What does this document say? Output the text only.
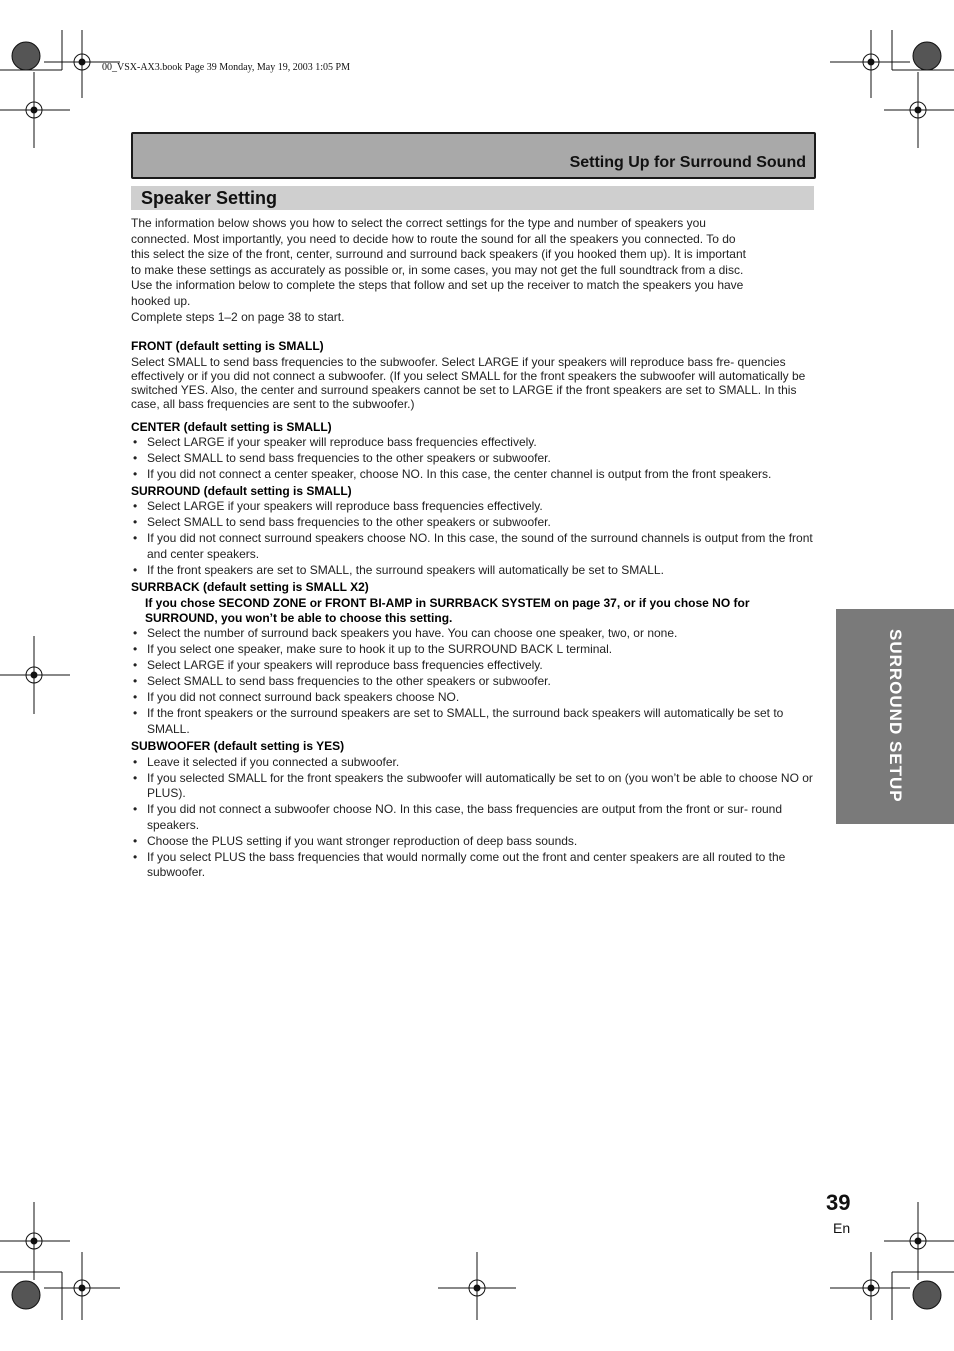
00_VSX-AX3.book Page 39 Monday, May 19, 2003 1:05 PM
Setting Up for Surround Sound
Speaker Setting

The information below shows you how to select the correct settings for the type and number of speakers you

connected. Most importantly, you need to decide how to route the sound for all the speakers you connected. To do

this select the size of the front, center, surround and surround back speakers (if you hooked them up). It is important

to make these settings as accurately as possible or, in some cases, you may not get the full soundtrack from a disc.

Use the information below to complete the steps that follow and set up the receiver to match the speakers you have

hooked up.

Complete steps 1–2 on page 38 to start.

FRONT (default setting is SMALL)

Select SMALL to send bass frequencies to the subwoofer. Select LARGE if your speakers will reproduce bass fre- quencies effectively or if you did not connect a subwoofer. (If you select SMALL for the front speakers the subwoofer will automatically be switched YES. Also, the center and surround speakers cannot be set to LARGE if the front speakers are set to SMALL. In this case, all bass frequencies are sent to the subwoofer.)

CENTER (default setting is SMALL)

• Select LARGE if your speaker will reproduce bass frequencies effectively.
• Select SMALL to send bass frequencies to the other speakers or subwoofer.
• If you did not connect a center speaker, choose NO. In this case, the center channel is output from the front speakers.

SURROUND (default setting is SMALL)

• Select LARGE if your speakers will reproduce bass frequencies effectively.
• Select SMALL to send bass frequencies to the other speakers or subwoofer.
• If you did not connect surround speakers choose NO. In this case, the sound of the surround channels is output from the front and center speakers.
• If the front speakers are set to SMALL, the surround speakers will automatically be set to SMALL.

SURRBACK (default setting is SMALL X2)

If you chose SECOND ZONE or FRONT BI-AMP in SURRBACK SYSTEM on page 37, or if you chose NO for SURROUND, you won’t be able to choose this setting.

• Select the number of surround back speakers you have. You can choose one speaker, two, or none.
• If you select one speaker, make sure to hook it up to the SURROUND BACK L terminal.
• Select LARGE if your speakers will reproduce bass frequencies effectively.
• Select SMALL to send bass frequencies to the other speakers or subwoofer.
• If you did not connect surround back speakers choose NO.
• If the front speakers or the surround speakers are set to SMALL, the surround back speakers will automatically be set to SMALL.

SUBWOOFER (default setting is YES)

• Leave it selected if you connected a subwoofer.
• If you selected SMALL for the front speakers the subwoofer will automatically be set to on (you won’t be able to choose NO or PLUS).
• If you did not connect a subwoofer choose NO. In this case, the bass frequencies are output from the front or sur- round speakers.
• Choose the PLUS setting if you want stronger reproduction of deep bass sounds.
• If you select PLUS the bass frequencies that would normally come out the front and center speakers are all routed to the subwoofer.
SURROUND SETUP
39
En
